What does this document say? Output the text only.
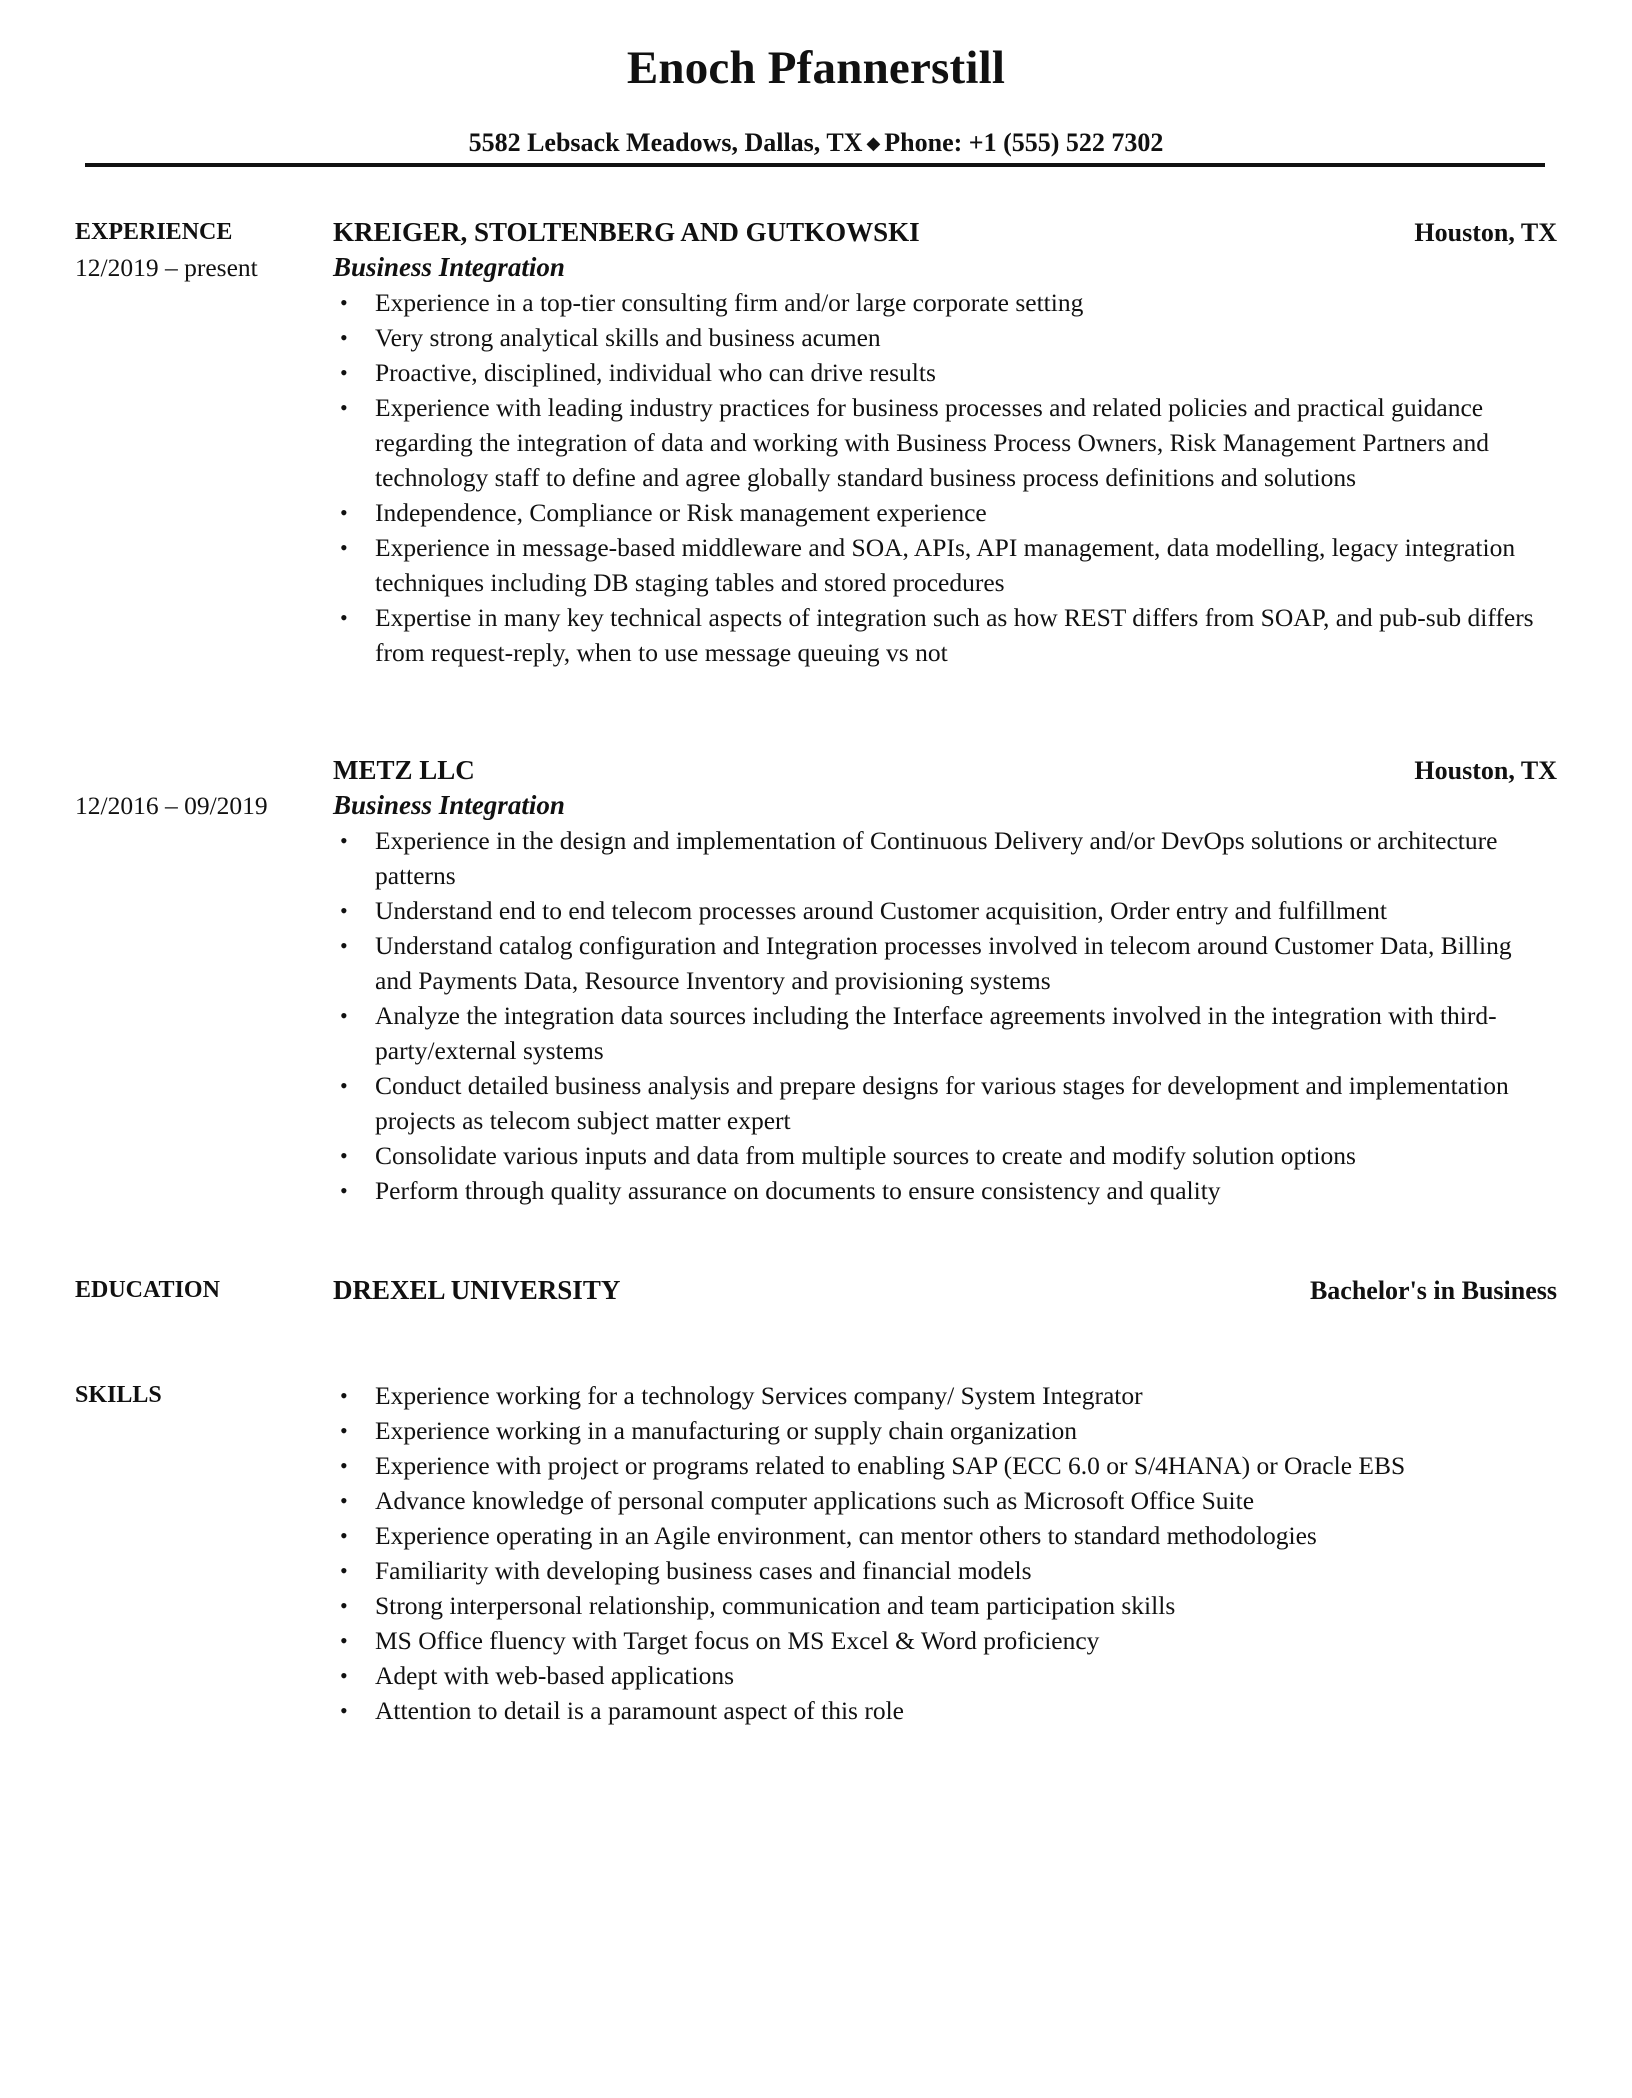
Enoch Pfannerstill
5582 Lebsack Meadows, Dallas, TX ◆ Phone: +1 (555) 522 7302
EXPERIENCE
12/2019 – present
KREIGER, STOLTENBERG AND GUTKOWSKI	Houston, TX
Business Integration
• Experience in a top-tier consulting firm and/or large corporate setting
• Very strong analytical skills and business acumen
• Proactive, disciplined, individual who can drive results
• Experience with leading industry practices for business processes and related policies and practical guidance regarding the integration of data and working with Business Process Owners, Risk Management Partners and technology staff to define and agree globally standard business process definitions and solutions
• Independence, Compliance or Risk management experience
• Experience in message-based middleware and SOA, APIs, API management, data modelling, legacy integration techniques including DB staging tables and stored procedures
• Expertise in many key technical aspects of integration such as how REST differs from SOAP, and pub-sub differs from request-reply, when to use message queuing vs not
12/2016 – 09/2019
METZ LLC	Houston, TX
Business Integration
• Experience in the design and implementation of Continuous Delivery and/or DevOps solutions or architecture patterns
• Understand end to end telecom processes around Customer acquisition, Order entry and fulfillment
• Understand catalog configuration and Integration processes involved in telecom around Customer Data, Billing and Payments Data, Resource Inventory and provisioning systems
• Analyze the integration data sources including the Interface agreements involved in the integration with third-party/external systems
• Conduct detailed business analysis and prepare designs for various stages for development and implementation projects as telecom subject matter expert
• Consolidate various inputs and data from multiple sources to create and modify solution options
• Perform through quality assurance on documents to ensure consistency and quality
EDUCATION	DREXEL UNIVERSITY	Bachelor's in Business
SKILLS	• Experience working for a technology Services company/ System Integrator
• Experience working in a manufacturing or supply chain organization
• Experience with project or programs related to enabling SAP (ECC 6.0 or S/4HANA) or Oracle EBS
• Advance knowledge of personal computer applications such as Microsoft Office Suite
• Experience operating in an Agile environment, can mentor others to standard methodologies
• Familiarity with developing business cases and financial models
• Strong interpersonal relationship, communication and team participation skills
• MS Office fluency with Target focus on MS Excel & Word proficiency
• Adept with web-based applications
• Attention to detail is a paramount aspect of this role
